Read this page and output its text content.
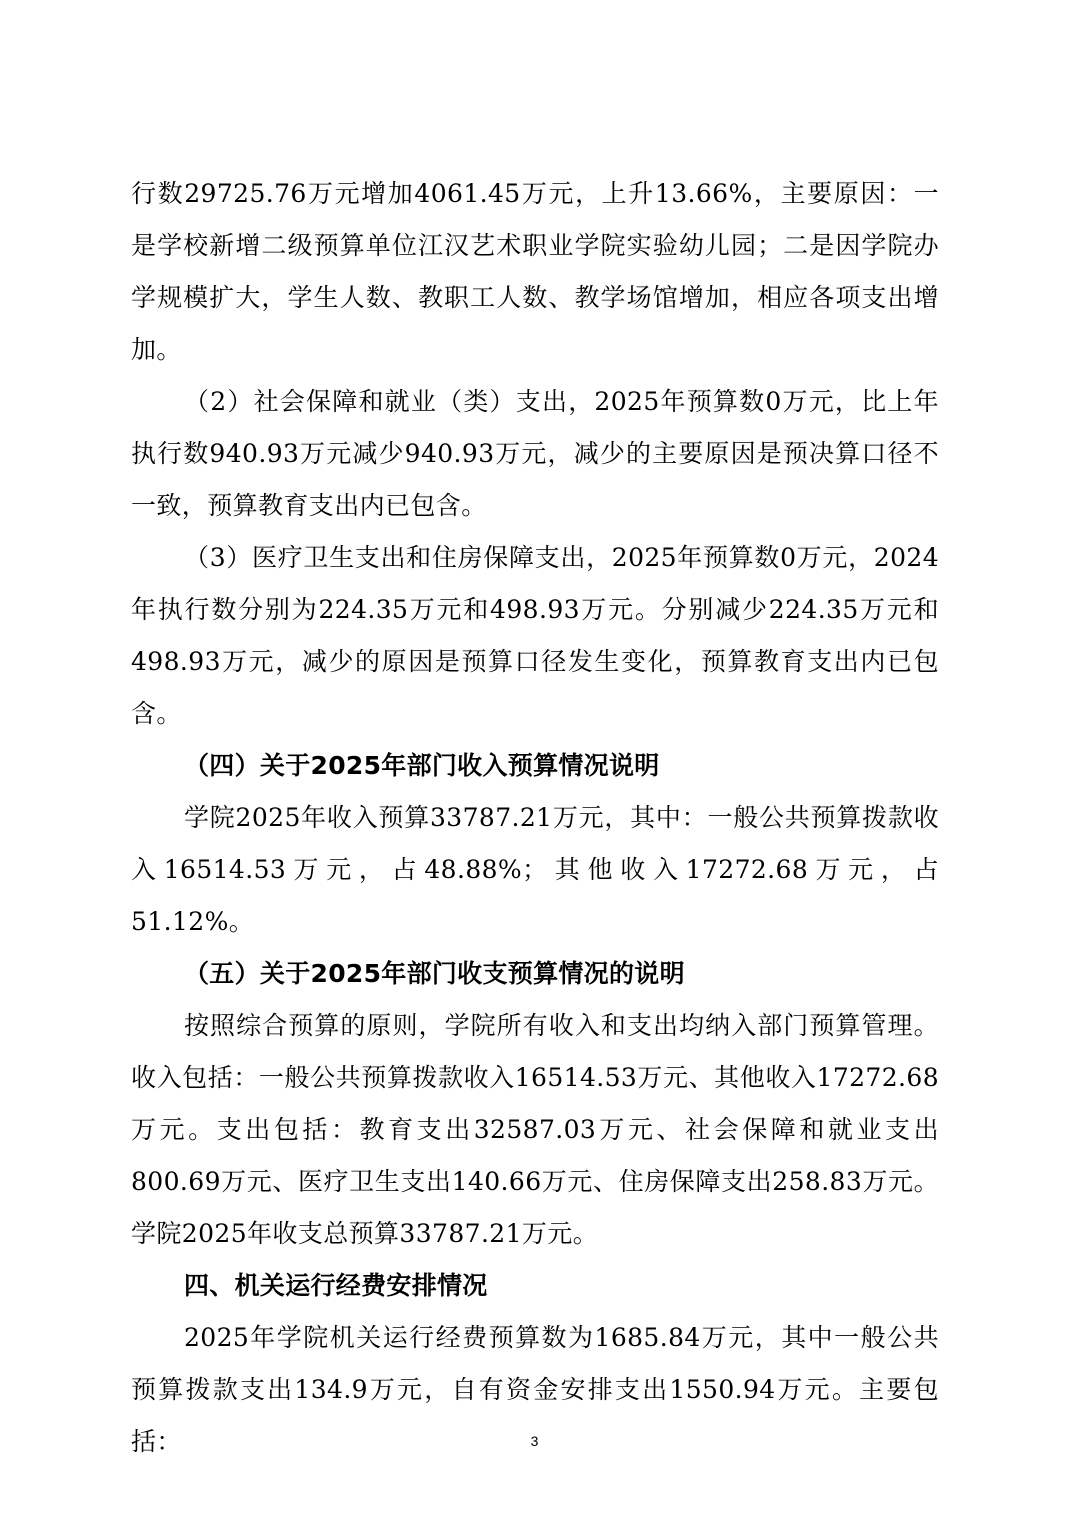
行数29725.76万元增加4061.45万元，上升13.66%，主要原因：一是学校新增二级预算单位江汉艺术职业学院实验幼儿园；二是因学院办学规模扩大，学生人数、教职工人数、教学场馆增加，相应各项支出增加。

（2）社会保障和就业（类）支出，2025年预算数0万元，比上年执行数940.93万元减少940.93万元，减少的主要原因是预决算口径不一致，预算教育支出内已包含。

（3）医疗卫生支出和住房保障支出，2025年预算数0万元，2024年执行数分别为224.35万元和498.93万元。分别减少224.35万元和498.93万元，减少的原因是预算口径发生变化，预算教育支出内已包含。

（四）关于2025年部门收入预算情况说明

学院2025年收入预算33787.21万元，其中：一般公共预算拨款收入16514.53万元，占48.88%；其他收入17272.68万元，占51.12%。

（五）关于2025年部门收支预算情况的说明

按照综合预算的原则，学院所有收入和支出均纳入部门预算管理。收入包括：一般公共预算拨款收入16514.53万元、其他收入17272.68万元。支出包括：教育支出32587.03万元、社会保障和就业支出800.69万元、医疗卫生支出140.66万元、住房保障支出258.83万元。学院2025年收支总预算33787.21万元。

四、机关运行经费安排情况

2025年学院机关运行经费预算数为1685.84万元，其中一般公共预算拨款支出134.9万元，自有资金安排支出1550.94万元。主要包括：	3
